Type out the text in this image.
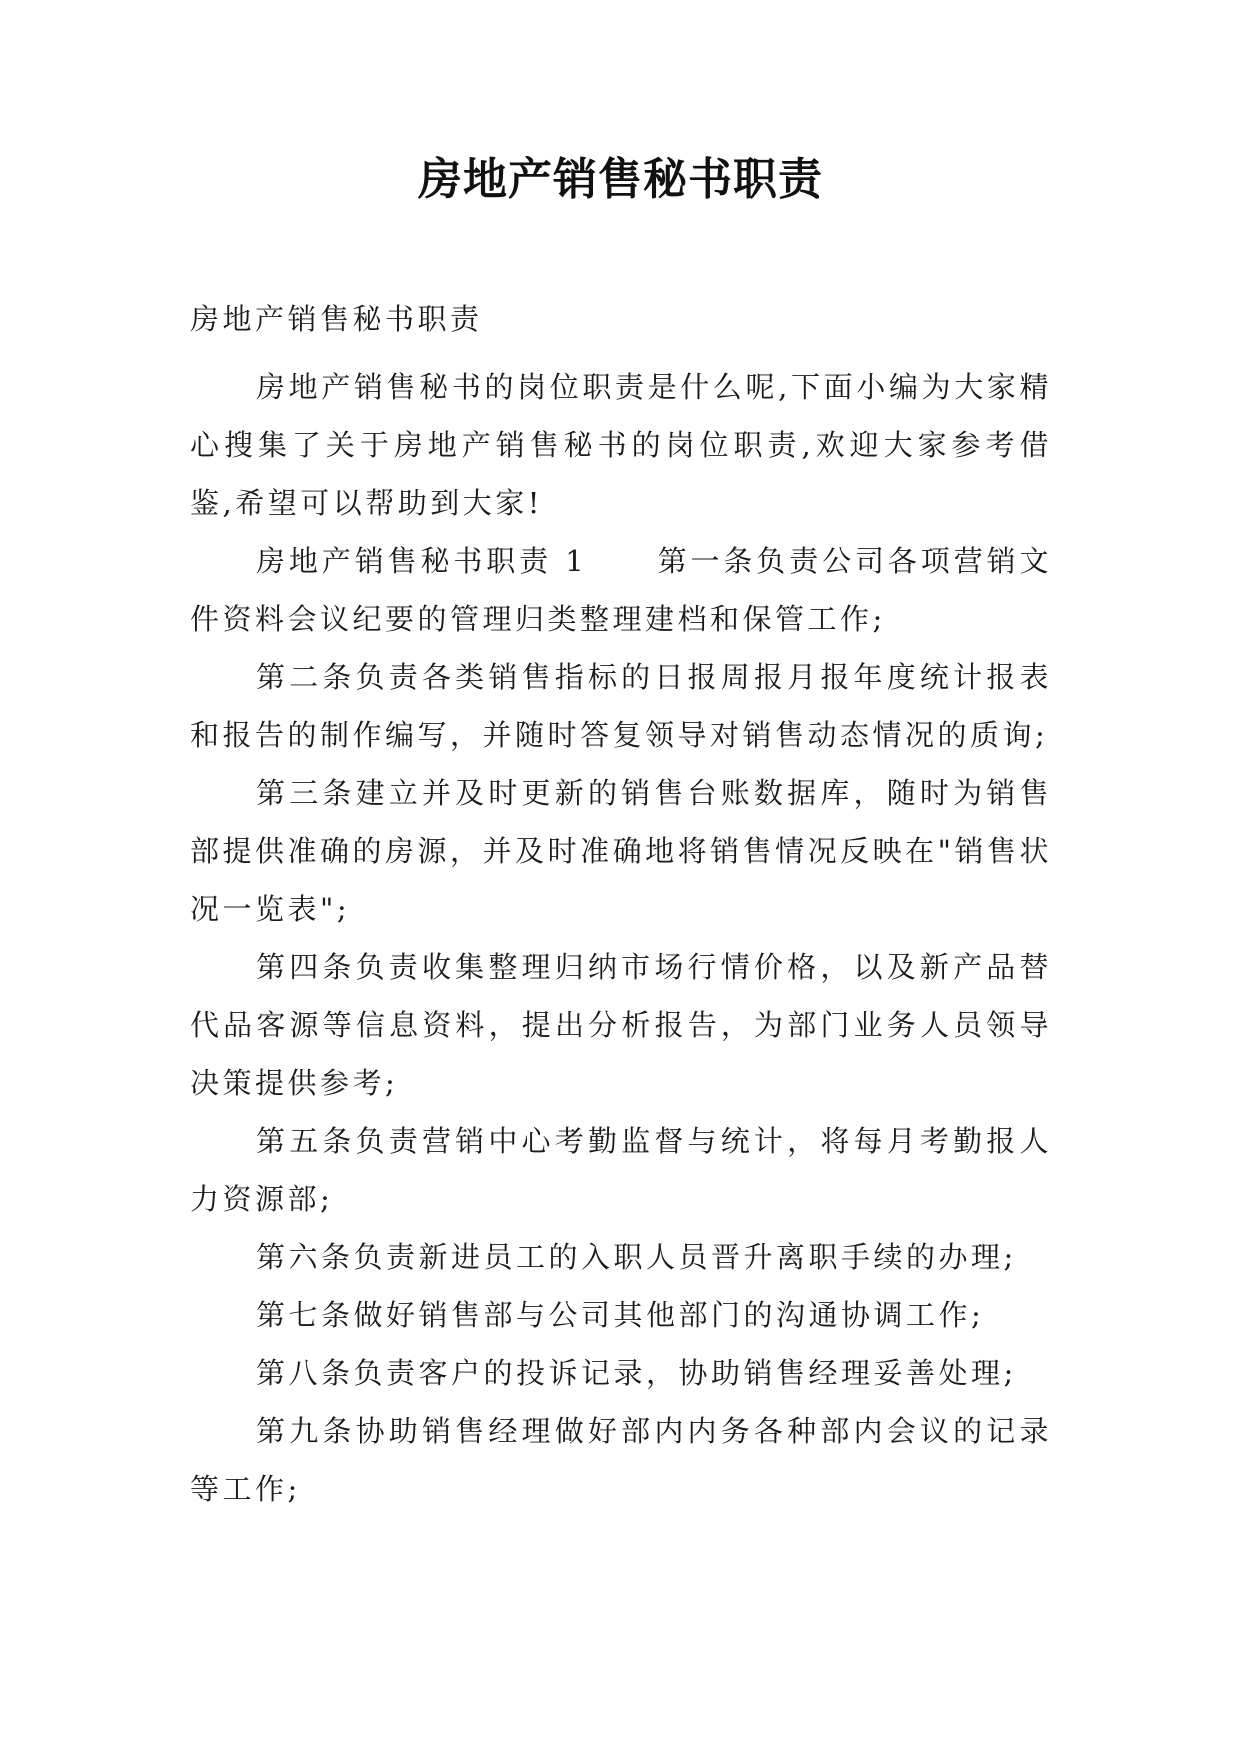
房地产销售秘书职责

房地产销售秘书职责

房地产销售秘书的岗位职责是什么呢,下面小编为大家精心搜集了关于房地产销售秘书的岗位职责,欢迎大家参考借鉴,希望可以帮助到大家!

房地产销售秘书职责 1 第一条负责公司各项营销文件资料会议纪要的管理归类整理建档和保管工作;

第二条负责各类销售指标的日报周报月报年度统计报表和报告的制作编写，并随时答复领导对销售动态情况的质询;

第三条建立并及时更新的销售台账数据库，随时为销售部提供准确的房源，并及时准确地将销售情况反映在"销售状况一览表";

第四条负责收集整理归纳市场行情价格，以及新产品替代品客源等信息资料，提出分析报告，为部门业务人员领导决策提供参考;

第五条负责营销中心考勤监督与统计，将每月考勤报人力资源部;

第六条负责新进员工的入职人员晋升离职手续的办理;

第七条做好销售部与公司其他部门的沟通协调工作;

第八条负责客户的投诉记录，协助销售经理妥善处理;

第九条协助销售经理做好部内内务各种部内会议的记录等工作;
